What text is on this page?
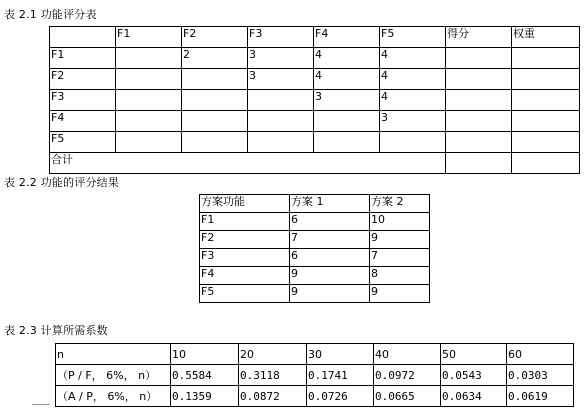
表 2.1 功能评分表
	F1	F2	F3	F4	F5	得分	权重
F1		2	3	4	4		
F2			3	4	4		
F3				3	4		
F4					3		
F5							
合计							
表 2.2 功能的评分结果
方案功能	方案 1	方案 2
F1	6	10
F2	7	9
F3	6	7
F4	9	8
F5	9	9
表 2.3 计算所需系数
n	10	20	30	40	50	60
（P / F， 6%， n）	0.5584	0.3118	0.1741	0.0972	0.0543	0.0303
（A / P， 6%， n）	0.1359	0.0872	0.0726	0.0665	0.0634	0.0619
